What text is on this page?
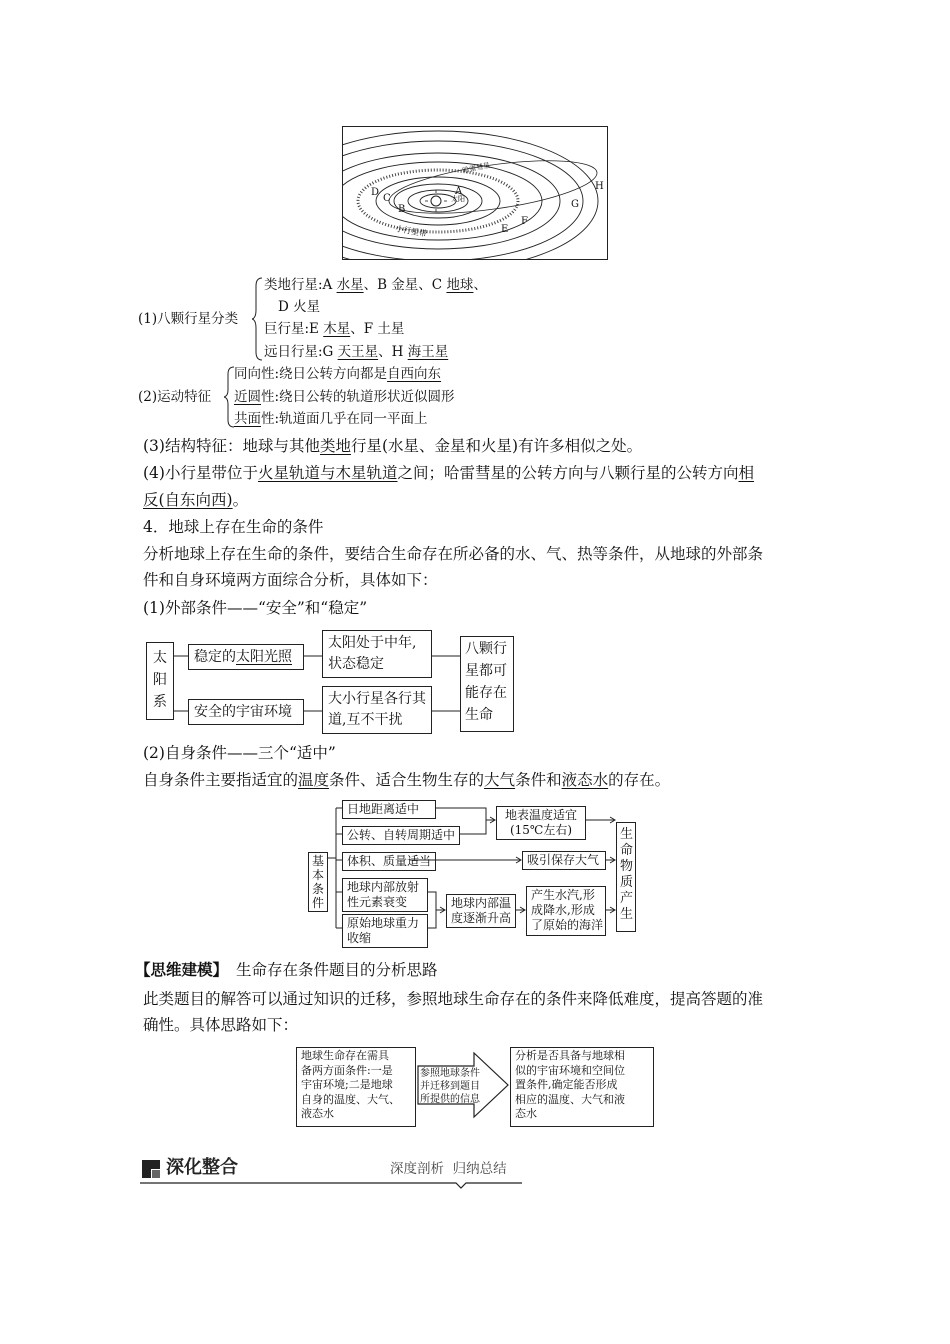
太阳
哈雷彗星
小行星带
A
B
C
D
E
F
G
H
(1)八颗行星分类
类地行星:A 水星、B 金星、C 地球、
D 火星
巨行星:E 木星、F 土星
远日行星:G 天王星、H 海王星
(2)运动特征
同向性:绕日公转方向都是自西向东
近圆性:绕日公转的轨道形状近似圆形
共面性:轨道面几乎在同一平面上
(3)结构特征：地球与其他类地行星(水星、金星和火星)有许多相似之处。
(4)小行星带位于火星轨道与木星轨道之间；哈雷彗星的公转方向与八颗行星的公转方向相
反(自东向西)。
4．地球上存在生命的条件
分析地球上存在生命的条件，要结合生命存在所必备的水、气、热等条件，从地球的外部条
件和自身环境两方面综合分析，具体如下：
(1)外部条件——“安全”和“稳定”
太阳系
稳定的太阳光照
安全的宇宙环境
太阳处于中年,
状态稳定
大小行星各行其
道,互不干扰
八颗行
星都可
能存在
生命
(2)自身条件——三个“适中”
自身条件主要指适宜的温度条件、适合生物生存的大气条件和液态水的存在。
基本条件
日地距离适中
公转、自转周期适中
体积、质量适当
地球内部放射
性元素衰变
原始地球重力
收缩
地表温度适宜
(15℃左右)
吸引保存大气
地球内部温
度逐渐升高
产生水汽,形
成降水,形成
了原始的海洋
生命物质产生
【思维建模】 生命存在条件题目的分析思路
此类题目的解答可以通过知识的迁移，参照地球生命存在的条件来降低难度，提高答题的准
确性。具体思路如下：
地球生命存在需具
备两方面条件:一是
宇宙环境;二是地球
自身的温度、大气、
液态水
参照地球条件
并迁移到题目
所提供的信息
分析是否具备与地球相
似的宇宙环境和空间位
置条件,确定能否形成
相应的温度、大气和液
态水
深化整合	深度剖析  归纳总结
